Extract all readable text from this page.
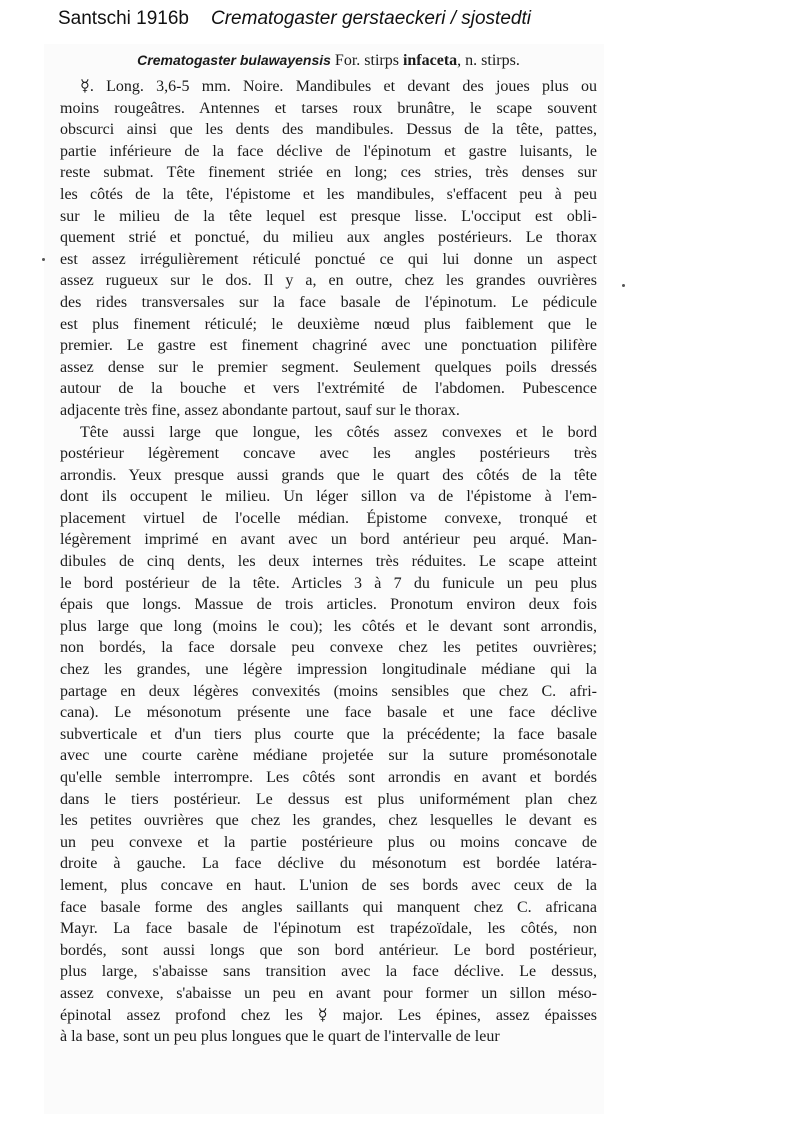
Santschi 1916b Crematogaster gerstaeckeri / sjostedti
Crematogaster bulawayensis For. stirps infaceta, n. stirps.
☿. Long. 3,6-5 mm. Noire. Mandibules et devant des joues plus ou
moins rougeâtres. Antennes et tarses roux brunâtre, le scape souvent
obscurci ainsi que les dents des mandibules. Dessus de la tête, pattes,
partie inférieure de la face déclive de l'épinotum et gastre luisants, le
reste submat. Tête finement striée en long; ces stries, très denses sur
les côtés de la tête, l'épistome et les mandibules, s'effacent peu à peu
sur le milieu de la tête lequel est presque lisse. L'occiput est obli-
quement strié et ponctué, du milieu aux angles postérieurs. Le thorax
est assez irrégulièrement réticulé ponctué ce qui lui donne un aspect
assez rugueux sur le dos. Il y a, en outre, chez les grandes ouvrières
des rides transversales sur la face basale de l'épinotum. Le pédicule
est plus finement réticulé; le deuxième nœud plus faiblement que le
premier. Le gastre est finement chagriné avec une ponctuation pilifère
assez dense sur le premier segment. Seulement quelques poils dressés
autour de la bouche et vers l'extrémité de l'abdomen. Pubescence
adjacente très fine, assez abondante partout, sauf sur le thorax.
Tête aussi large que longue, les côtés assez convexes et le bord
postérieur légèrement concave avec les angles postérieurs très
arrondis. Yeux presque aussi grands que le quart des côtés de la tête
dont ils occupent le milieu. Un léger sillon va de l'épistome à l'em-
placement virtuel de l'ocelle médian. Épistome convexe, tronqué et
légèrement imprimé en avant avec un bord antérieur peu arqué. Man-
dibules de cinq dents, les deux internes très réduites. Le scape atteint
le bord postérieur de la tête. Articles 3 à 7 du funicule un peu plus
épais que longs. Massue de trois articles. Pronotum environ deux fois
plus large que long (moins le cou); les côtés et le devant sont arrondis,
non bordés, la face dorsale peu convexe chez les petites ouvrières;
chez les grandes, une légère impression longitudinale médiane qui la
partage en deux légères convexités (moins sensibles que chez C. afri-
cana). Le mésonotum présente une face basale et une face déclive
subverticale et d'un tiers plus courte que la précédente; la face basale
avec une courte carène médiane projetée sur la suture promésonotale
qu'elle semble interrompre. Les côtés sont arrondis en avant et bordés
dans le tiers postérieur. Le dessus est plus uniformément plan chez
les petites ouvrières que chez les grandes, chez lesquelles le devant es
un peu convexe et la partie postérieure plus ou moins concave de
droite à gauche. La face déclive du mésonotum est bordée latéra-
lement, plus concave en haut. L'union de ses bords avec ceux de la
face basale forme des angles saillants qui manquent chez C. africana
Mayr. La face basale de l'épinotum est trapézoïdale, les côtés, non
bordés, sont aussi longs que son bord antérieur. Le bord postérieur,
plus large, s'abaisse sans transition avec la face déclive. Le dessus,
assez convexe, s'abaisse un peu en avant pour former un sillon méso-
épinotal assez profond chez les ☿ major. Les épines, assez épaisses
à la base, sont un peu plus longues que le quart de l'intervalle de leur
